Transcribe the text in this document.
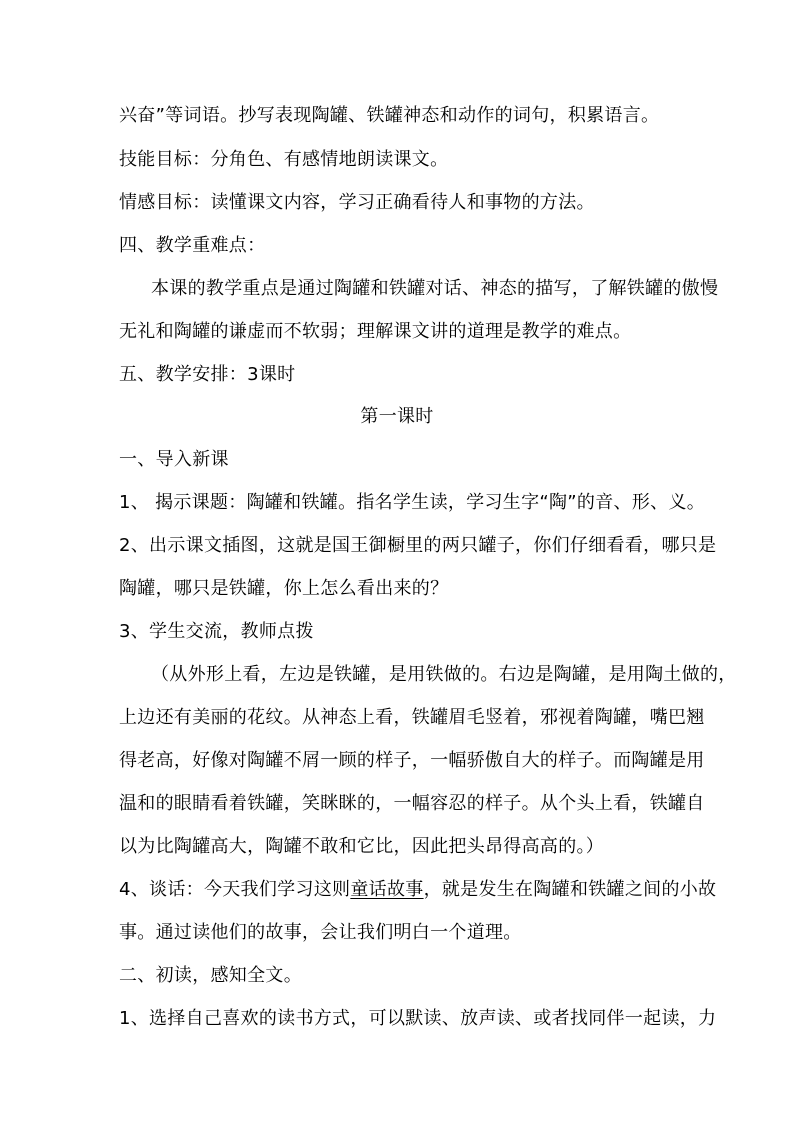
兴奋”等词语。抄写表现陶罐、铁罐神态和动作的词句，积累语言。
技能目标：分角色、有感情地朗读课文。
情感目标：读懂课文内容，学习正确看待人和事物的方法。
四、教学重难点：
本课的教学重点是通过陶罐和铁罐对话、神态的描写，了解铁罐的傲慢
无礼和陶罐的谦虚而不软弱；理解课文讲的道理是教学的难点。
五、教学安排：3课时
第一课时
一、导入新课
1、 揭示课题：陶罐和铁罐。指名学生读，学习生字“陶”的音、形、义。
2、出示课文插图，这就是国王御橱里的两只罐子，你们仔细看看，哪只是
陶罐，哪只是铁罐，你上怎么看出来的？
3、学生交流，教师点拨
（从外形上看，左边是铁罐，是用铁做的。右边是陶罐，是用陶土做的，
上边还有美丽的花纹。从神态上看，铁罐眉毛竖着，邪视着陶罐，嘴巴翘
得老高，好像对陶罐不屑一顾的样子，一幅骄傲自大的样子。而陶罐是用
温和的眼睛看着铁罐，笑眯眯的，一幅容忍的样子。从个头上看，铁罐自
以为比陶罐高大，陶罐不敢和它比，因此把头昂得高高的。）
4、谈话：今天我们学习这则童话故事，就是发生在陶罐和铁罐之间的小故
事。通过读他们的故事，会让我们明白一个道理。
二、初读，感知全文。
1、选择自己喜欢的读书方式，可以默读、放声读、或者找同伴一起读，力
